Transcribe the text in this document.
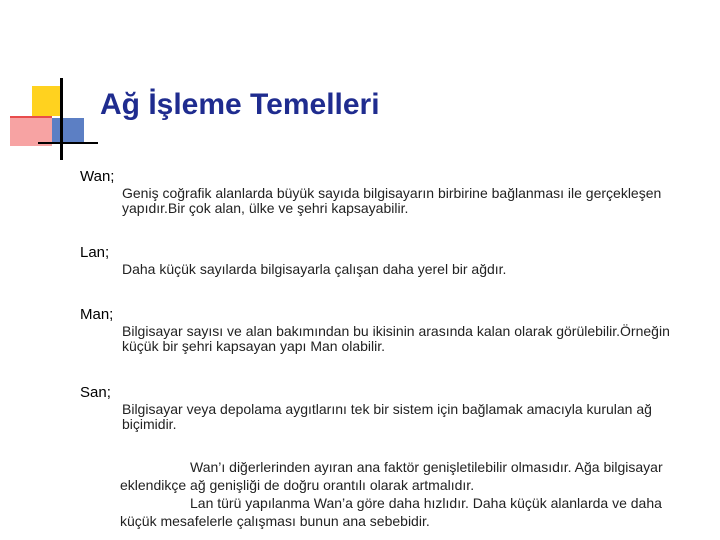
Ağ İşleme Temelleri
Wan;

Geniş coğrafik alanlarda büyük sayıda bilgisayarın birbirine bağlanması ile gerçekleşen yapıdır.Bir çok alan, ülke ve şehri kapsayabilir.

Lan;

Daha küçük sayılarda bilgisayarla çalışan daha yerel bir ağdır.

Man;

Bilgisayar sayısı ve alan bakımından bu ikisinin arasında kalan olarak görülebilir.Örneğin küçük bir şehri kapsayan yapı Man olabilir.

San;

Bilgisayar veya depolama aygıtlarını tek bir sistem için bağlamak amacıyla kurulan ağ biçimidir.

Wan’ı diğerlerinden ayıran ana faktör genişletilebilir olmasıdır. Ağa bilgisayar eklendikçe ağ genişliği de doğru orantılı olarak artmalıdır.

Lan türü yapılanma Wan’a göre daha hızlıdır. Daha küçük alanlarda ve daha küçük mesafelerle çalışması bunun ana sebebidir.
